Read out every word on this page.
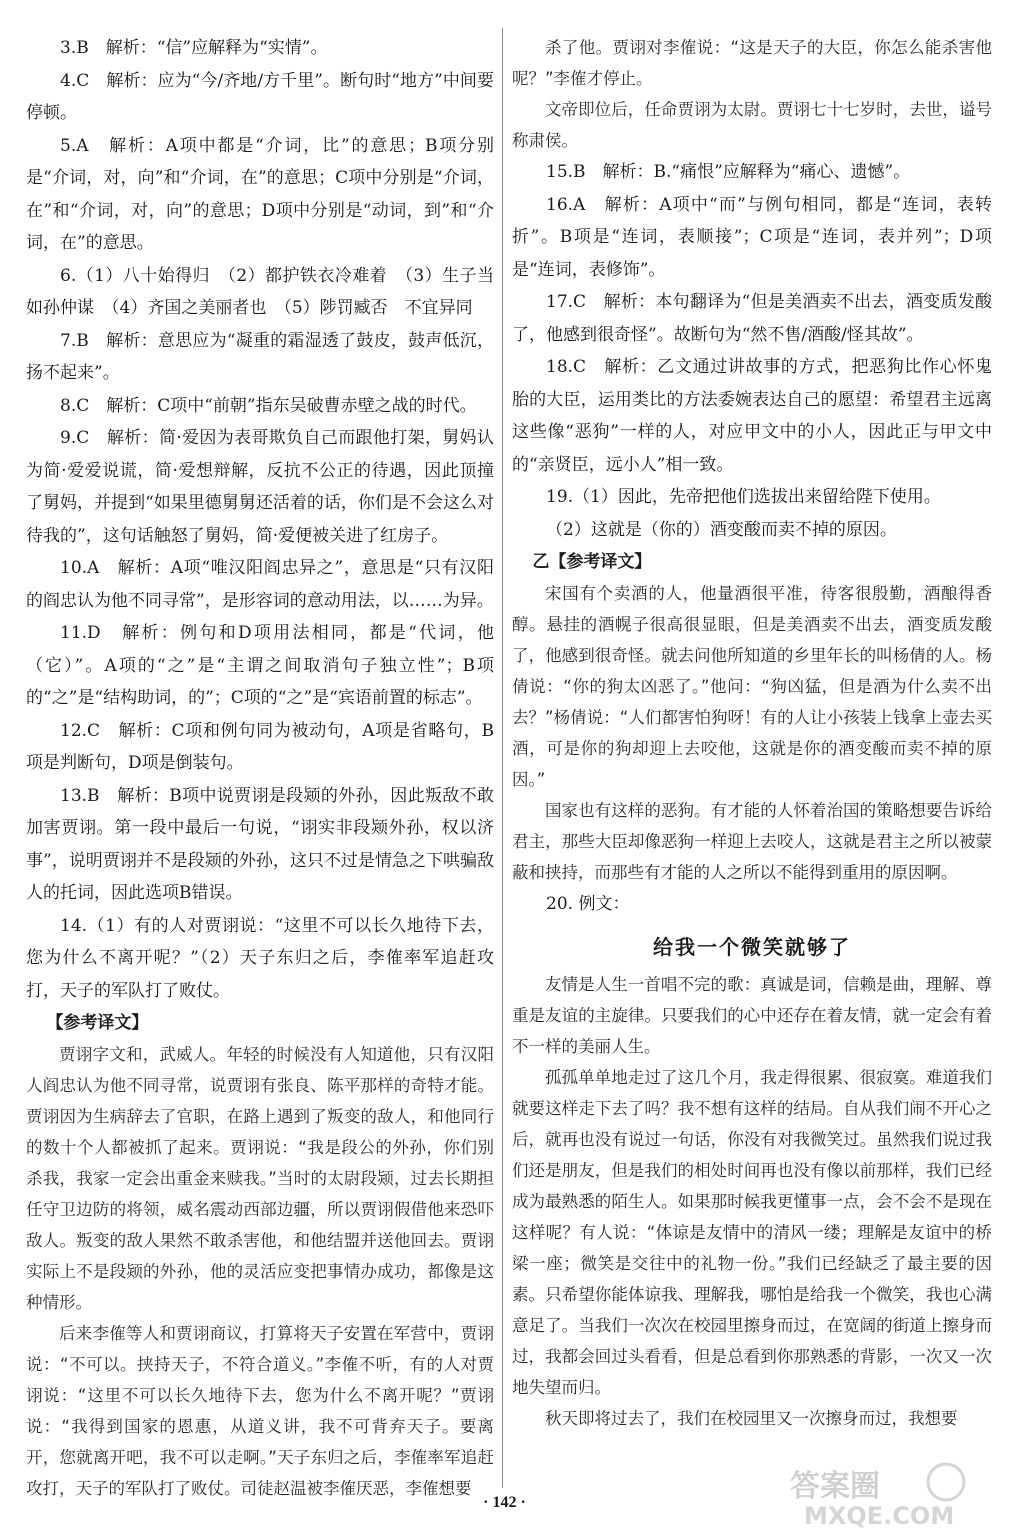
3.B　解析：“信”应解释为“实情”。

4.C　解析：应为“今/齐地/方千里”。断句时“地方”中间要停顿。

5.A　解析：A项中都是“介词，比”的意思；B项分别是“介词，对，向”和“介词，在”的意思；C项中分别是“介词，在”和“介词，对，向”的意思；D项中分别是“动词，到”和“介词，在”的意思。

6.（1）八十始得归　（2）都护铁衣冷难着　（3）生子当如孙仲谋　（4）齐国之美丽者也　（5）陟罚臧否　不宜异同

7.B　解析：意思应为“凝重的霜湿透了鼓皮，鼓声低沉，扬不起来”。

8.C　解析：C项中“前朝”指东吴破曹赤壁之战的时代。

9.C　解析：简·爱因为表哥欺负自己而跟他打架，舅妈认为简·爱爱说谎，简·爱想辩解，反抗不公正的待遇，因此顶撞了舅妈，并提到“如果里德舅舅还活着的话，你们是不会这么对待我的”，这句话触怒了舅妈，简·爱便被关进了红房子。

10.A　解析：A项“唯汉阳阎忠异之”，意思是“只有汉阳的阎忠认为他不同寻常”，是形容词的意动用法，以……为异。

11.D　解析：例句和D项用法相同，都是“代词，他（它）”。A项的“之”是“主谓之间取消句子独立性”；B项的“之”是“结构助词，的”；C项的“之”是“宾语前置的标志”。

12.C　解析：C项和例句同为被动句，A项是省略句，B项是判断句，D项是倒装句。

13.B　解析：B项中说贾诩是段颎的外孙，因此叛敌不敢加害贾诩。第一段中最后一句说，“诩实非段颎外孙，权以济事”，说明贾诩并不是段颎的外孙，这只不过是情急之下哄骗敌人的托词，因此选项B错误。

14.（1）有的人对贾诩说：“这里不可以长久地待下去，您为什么不离开呢？”（2）天子东归之后，李傕率军追赶攻打，天子的军队打了败仗。

【参考译文】

贾诩字文和，武威人。年轻的时候没有人知道他，只有汉阳人阎忠认为他不同寻常，说贾诩有张良、陈平那样的奇特才能。贾诩因为生病辞去了官职，在路上遇到了叛变的敌人，和他同行的数十个人都被抓了起来。贾诩说：“我是段公的外孙，你们别杀我，我家一定会出重金来赎我。”当时的太尉段颎，过去长期担任守卫边防的将领，威名震动西部边疆，所以贾诩假借他来恐吓敌人。叛变的敌人果然不敢杀害他，和他结盟并送他回去。贾诩实际上不是段颎的外孙，他的灵活应变把事情办成功，都像是这种情形。

后来李傕等人和贾诩商议，打算将天子安置在军营中，贾诩说：“不可以。挟持天子，不符合道义。”李傕不听，有的人对贾诩说：“这里不可以长久地待下去，您为什么不离开呢？”贾诩说：“我得到国家的恩惠，从道义讲，我不可背弃天子。要离开，您就离开吧，我不可以走啊。”天子东归之后，李傕率军追赶攻打，天子的军队打了败仗。司徒赵温被李傕厌恶，李傕想要

杀了他。贾诩对李傕说：“这是天子的大臣，你怎么能杀害他呢？”李傕才停止。

文帝即位后，任命贾诩为太尉。贾诩七十七岁时，去世，谥号称肃侯。

15.B　解析：B.“痛恨”应解释为“痛心、遗憾”。

16.A　解析：A项中“而”与例句相同，都是“连词，表转折”。B项是“连词，表顺接”；C项是“连词，表并列”；D项是“连词，表修饰”。

17.C　解析：本句翻译为“但是美酒卖不出去，酒变质发酸了，他感到很奇怪”。故断句为“然不售/酒酸/怪其故”。

18.C　解析：乙文通过讲故事的方式，把恶狗比作心怀鬼胎的大臣，运用类比的方法委婉表达自己的愿望：希望君主远离这些像“恶狗”一样的人，对应甲文中的小人，因此正与甲文中的“亲贤臣，远小人”相一致。

19.（1）因此，先帝把他们选拔出来留给陛下使用。

（2）这就是（你的）酒变酸而卖不掉的原因。

乙【参考译文】

宋国有个卖酒的人，他量酒很平准，待客很殷勤，酒酿得香醇。悬挂的酒幌子很高很显眼，但是美酒卖不出去，酒变质发酸了，他感到很奇怪。就去问他所知道的乡里年长的叫杨倩的人。杨倩说：“你的狗太凶恶了。”他问：“狗凶猛，但是酒为什么卖不出去？”杨倩说：“人们都害怕狗呀！有的人让小孩装上钱拿上壶去买酒，可是你的狗却迎上去咬他，这就是你的酒变酸而卖不掉的原因。”

国家也有这样的恶狗。有才能的人怀着治国的策略想要告诉给君主，那些大臣却像恶狗一样迎上去咬人，这就是君主之所以被蒙蔽和挟持，而那些有才能的人之所以不能得到重用的原因啊。

20. 例文：

给我一个微笑就够了

友情是人生一首唱不完的歌：真诚是词，信赖是曲，理解、尊重是友谊的主旋律。只要我们的心中还存在着友情，就一定会有着不一样的美丽人生。

孤孤单单地走过了这几个月，我走得很累、很寂寞。难道我们就要这样走下去了吗？我不想有这样的结局。自从我们闹不开心之后，就再也没有说过一句话，你没有对我微笑过。虽然我们说过我们还是朋友，但是我们的相处时间再也没有像以前那样，我们已经成为最熟悉的陌生人。如果那时候我更懂事一点，会不会不是现在这样呢？有人说：“体谅是友情中的清风一缕；理解是友谊中的桥梁一座；微笑是交往中的礼物一份。”我们已经缺乏了最主要的因素。只希望你能体谅我、理解我，哪怕是给我一个微笑，我也心满意足了。当我们一次次在校园里擦身而过，在宽阔的街道上擦身而过，我都会回过头看看，但是总看到你那熟悉的背影，一次又一次地失望而归。

秋天即将过去了，我们在校园里又一次擦身而过，我想要

· 142 ·	答案圈
MXQE.COM
